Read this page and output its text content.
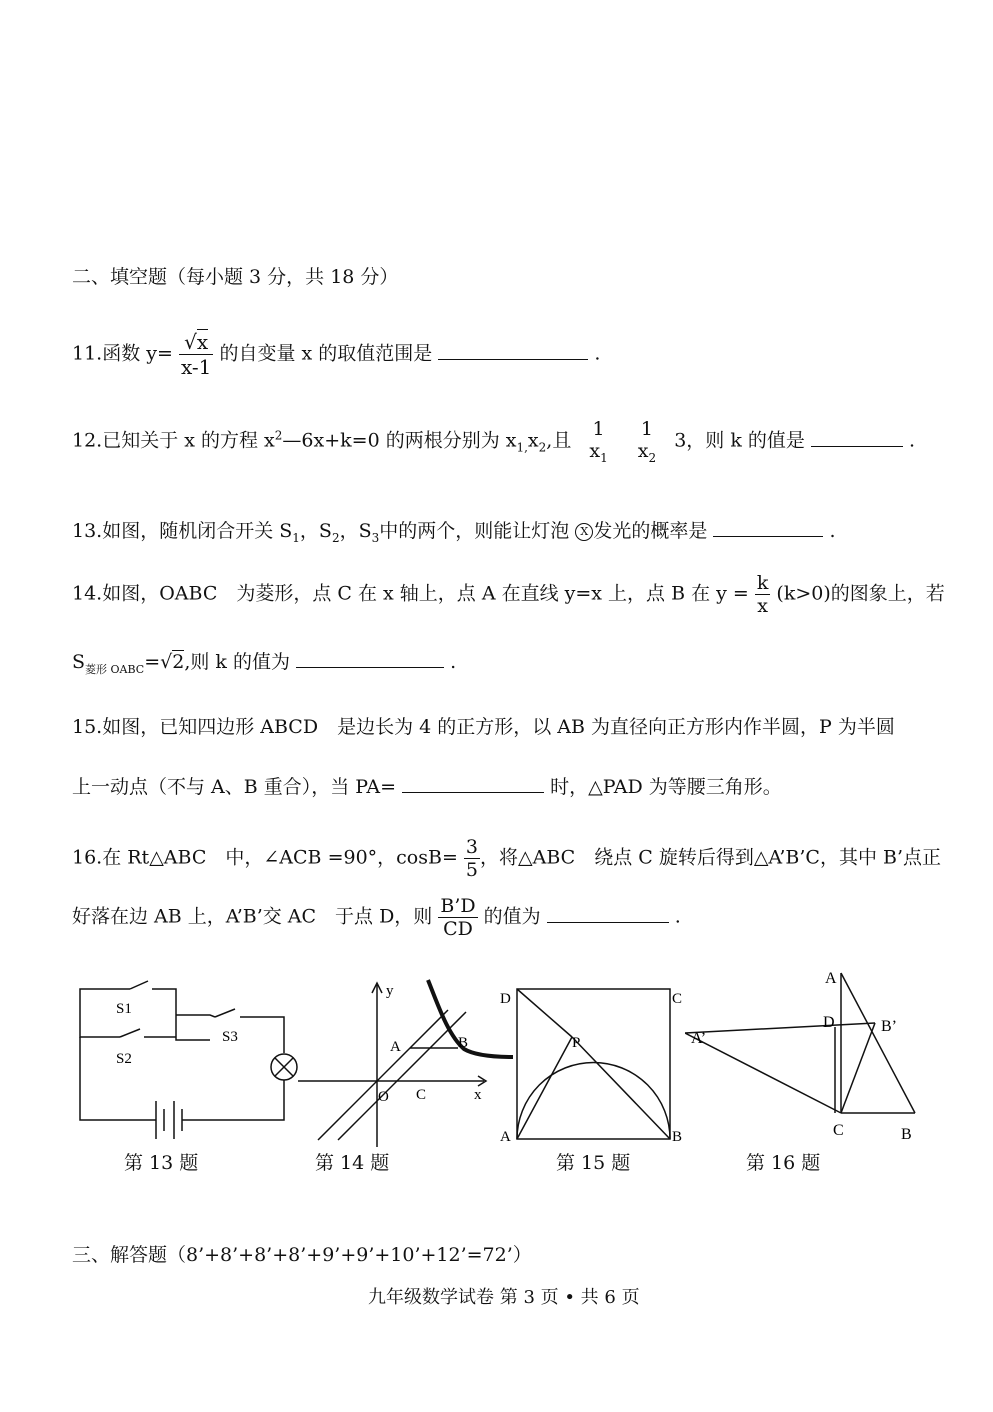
二、填空题（每小题 3 分，共 18 分）
11.函数 $y= \frac{√x}{x-1}$ 的自变量 x 的取值范围是	.
12.已知关于 x 的方程 $x^2—6x+k=0$ 的两根分别为 $x_{1,}x_2$,且
1
$x_1$

1
$x_2$
3，则 k 的值是	.
13.如图，随机闭合开关 $S_1$，$S_2$，$S_3$中的两个，则能让灯泡 X 发光的概率是	.
14.如图，OABC　为菱形，点 C 在 x 轴上，点 A 在直线 y=x 上，点 B 在 $y = \frac{k}{x} (k>0)$的图象上，若
$S_{菱形 OABC}=√2$,则 k 的值为	.
15.如图，已知四边形 ABCD　是边长为 4 的正方形，以 AB 为直径向正方形内作半圆，P 为半圆
上一动点（不与 A、B 重合），当 PA=	时，△PAD 为等腰三角形。
16.在 Rt△ABC　中，∠ACB =90°，$\cos B= \frac{3}{5}$ ，将△ABC　绕点 C 旋转后得到△A’B’C，其中 B’点正
好落在边 AB 上，A’B’交 AC　于点 D，则 $\frac{B’D}{CD}$ 的值为	.
S1
S2
S3
第 13 题
y
x
A	B
C
O
第 14 题
D	C
A	B
P
第 15 题
A
D	B’
A’
C	B
第 16 题
三、解答题（8’+8’+8’+8’+9’+9’+10’+12’=72’）
九年级数学试卷 第 3 页 • 共 6 页
